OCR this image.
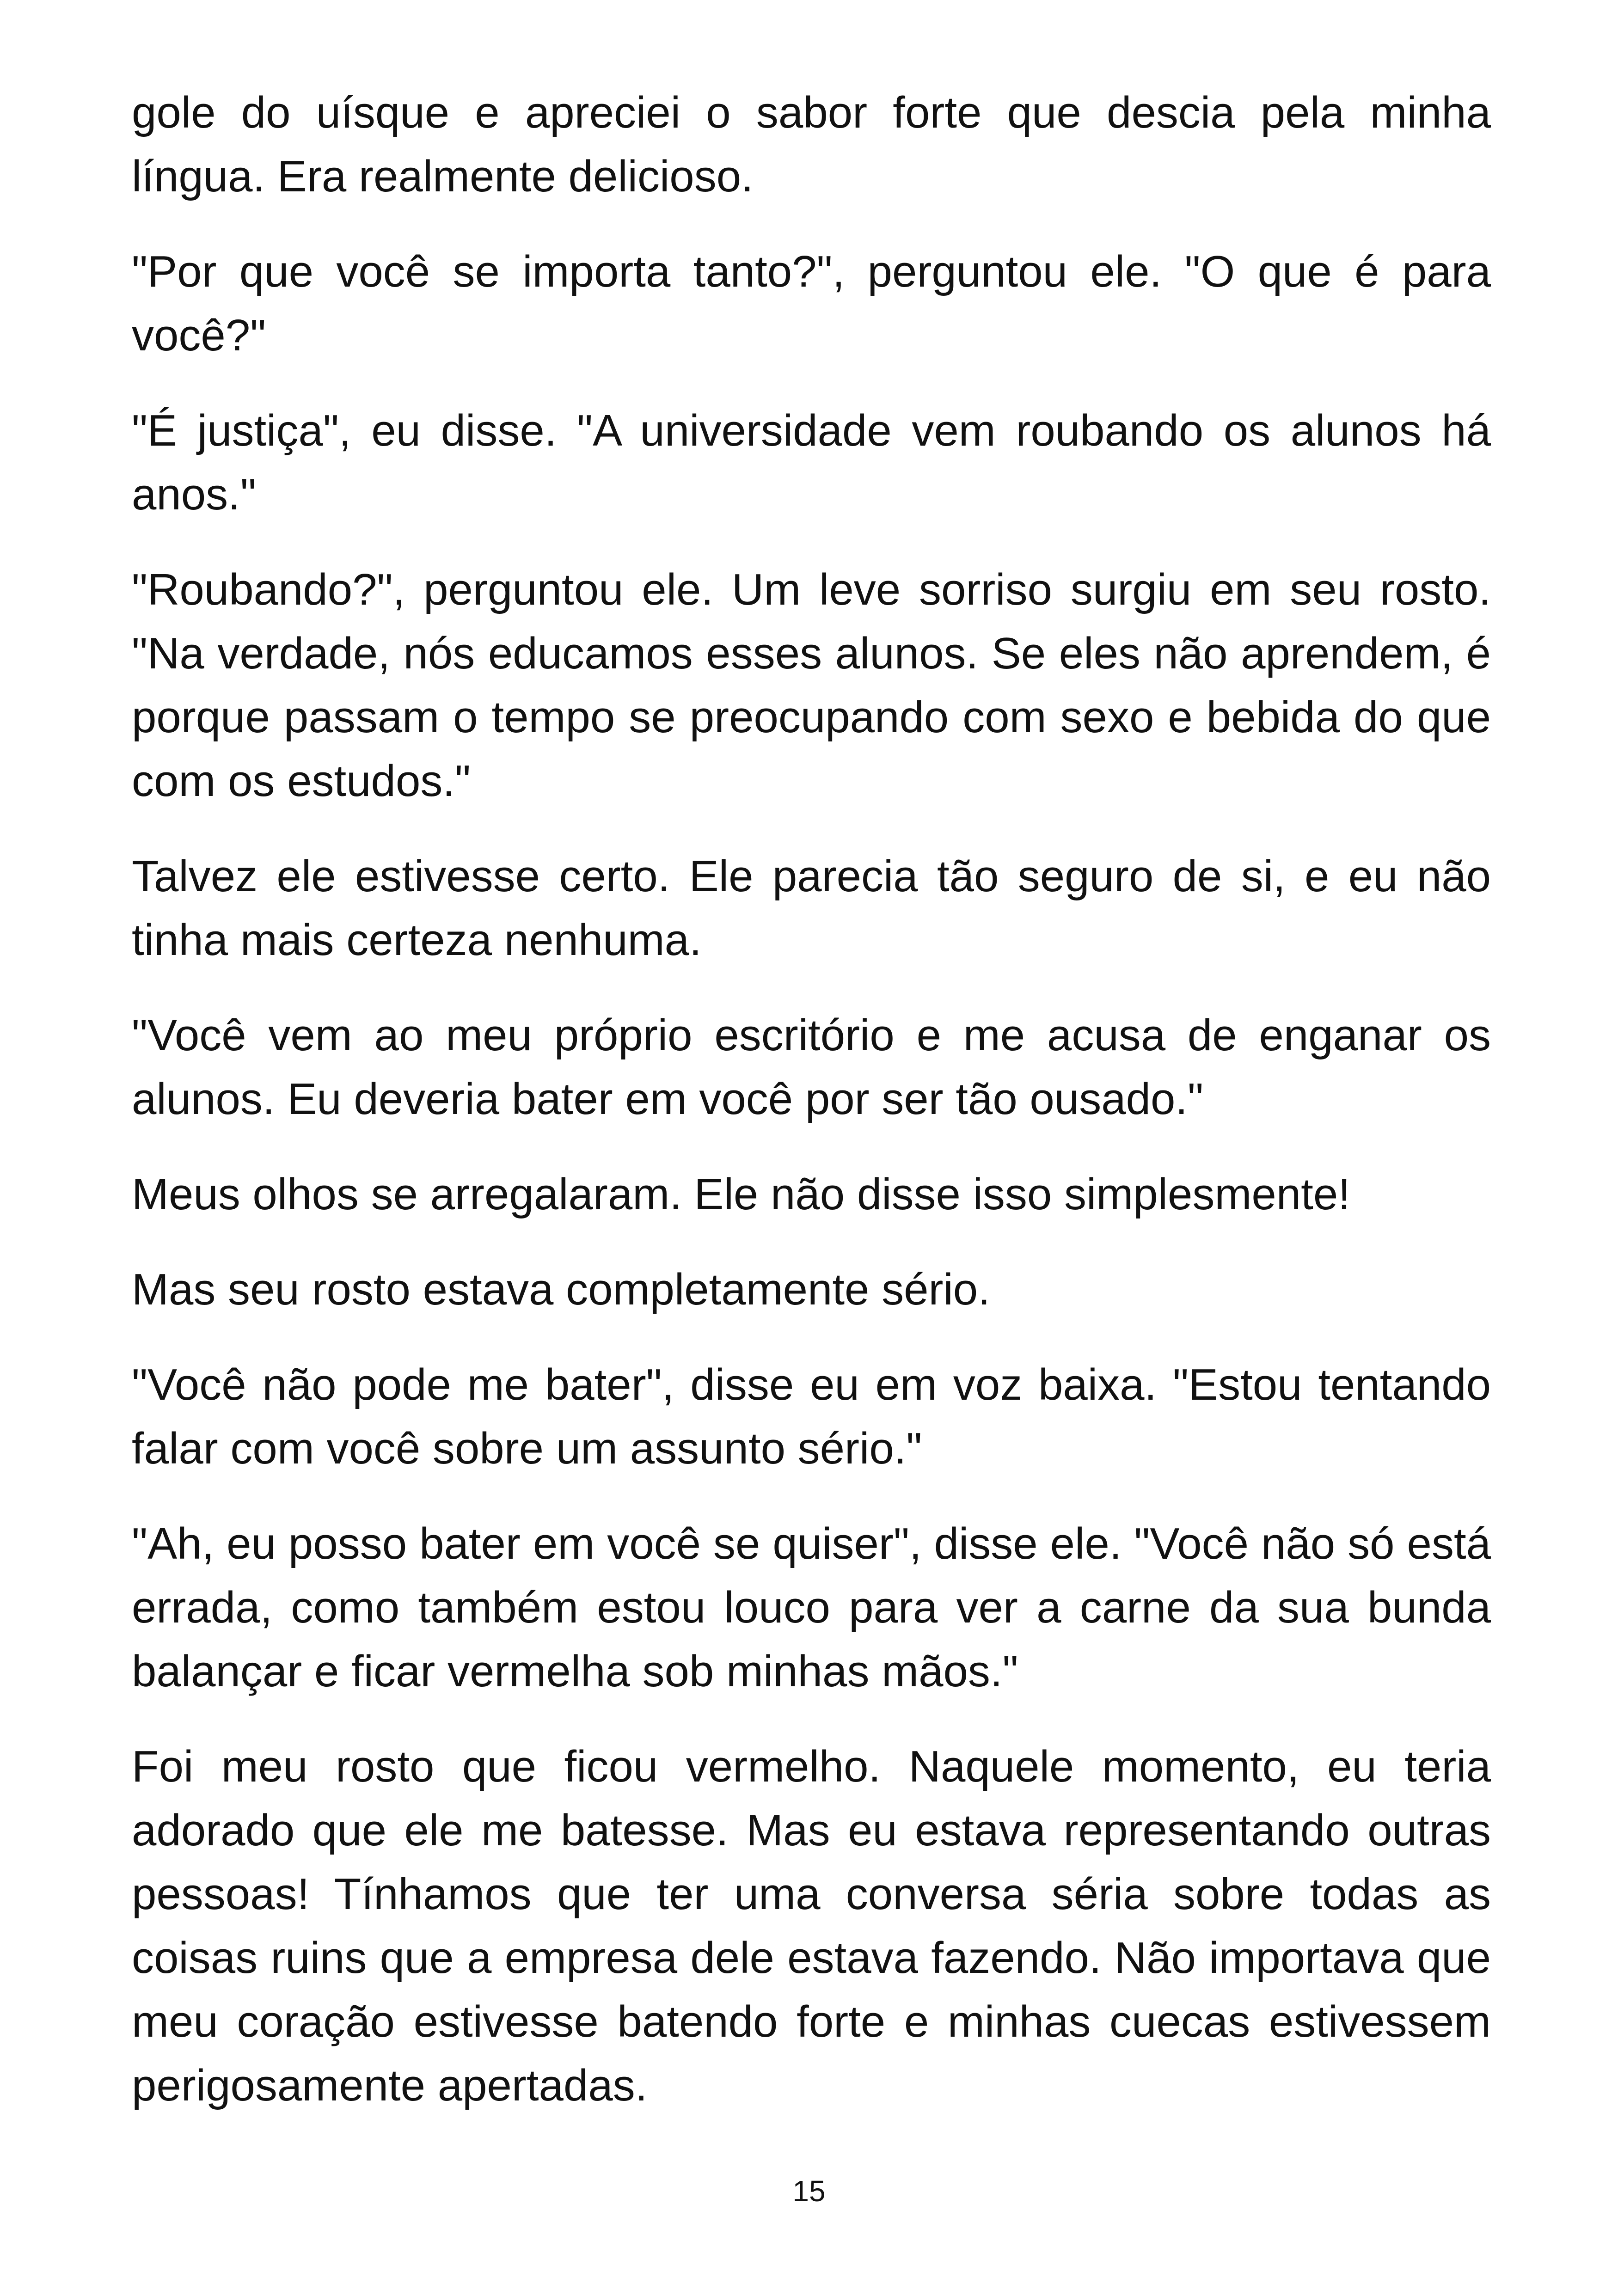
gole do uísque e apreciei o sabor forte que descia pela minha língua. Era realmente delicioso.

"Por que você se importa tanto?", perguntou ele. "O que é para você?"

"É justiça", eu disse. "A universidade vem roubando os alunos há anos."

"Roubando?", perguntou ele. Um leve sorriso surgiu em seu rosto. "Na verdade, nós educamos esses alunos. Se eles não aprendem, é porque passam o tempo se preocupando com sexo e bebida do que com os estudos."

Talvez ele estivesse certo. Ele parecia tão seguro de si, e eu não tinha mais certeza nenhuma.

"Você vem ao meu próprio escritório e me acusa de enganar os alunos. Eu deveria bater em você por ser tão ousado."

Meus olhos se arregalaram. Ele não disse isso simplesmente!

Mas seu rosto estava completamente sério.

"Você não pode me bater", disse eu em voz baixa. "Estou tentando falar com você sobre um assunto sério."

"Ah, eu posso bater em você se quiser", disse ele. "Você não só está errada, como também estou louco para ver a carne da sua bunda balançar e ficar vermelha sob minhas mãos."

Foi meu rosto que ficou vermelho. Naquele momento, eu teria adorado que ele me batesse. Mas eu estava representando outras pessoas! Tínhamos que ter uma conversa séria sobre todas as coisas ruins que a empresa dele estava fazendo. Não importava que meu coração estivesse batendo forte e minhas cuecas estivessem perigosamente apertadas.

15
